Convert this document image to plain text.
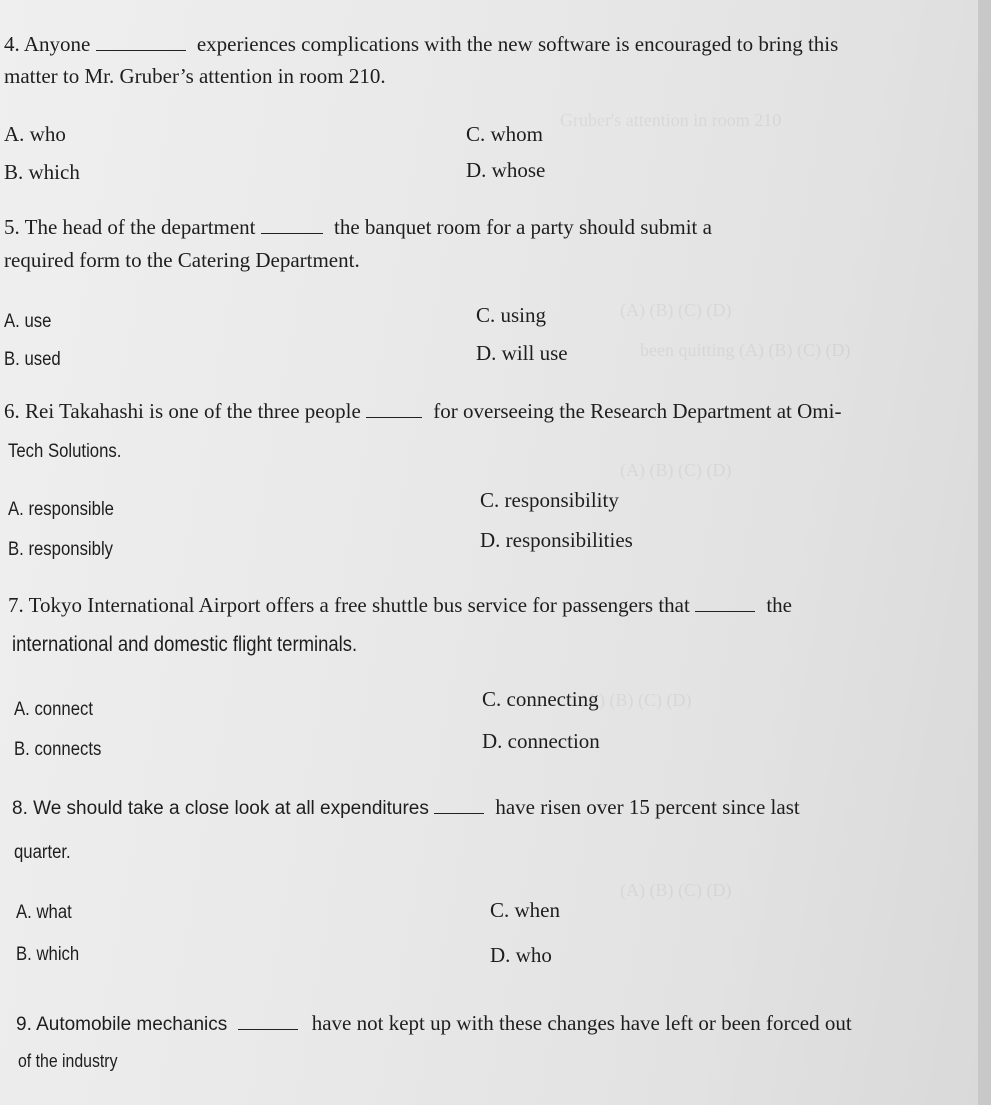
Gruber's attention in room 210
(A) (B) (C) (D)
been quitting (A) (B) (C) (D)
(A) (B) (C) (D)
(A) (B) (C) (D)
(A) (B) (C) (D)
4. Anyone	experiences complications with the new software is encouraged to bring this
matter to Mr. Gruber’s attention in room 210.
A. who
B. which
C. whom
D. whose
5. The head of the department	the banquet room for a party should submit a
required form to the Catering Department.
A. use
B. used
C. using
D. will use
6. Rei Takahashi is one of the three people	for overseeing the Research Department at Omi-
Tech Solutions.
A. responsible
B. responsibly
C. responsibility
D. responsibilities
7. Tokyo International Airport offers a free shuttle bus service for passengers that	the
international and domestic flight terminals.
A. connect
B. connects
C. connecting
D. connection
8. We should take a close look at all expenditures	have risen over 15 percent since last
quarter.
A. what
B. which
C. when
D. who
9. Automobile mechanics	have not kept up with these changes have left or been forced out
of the industry
